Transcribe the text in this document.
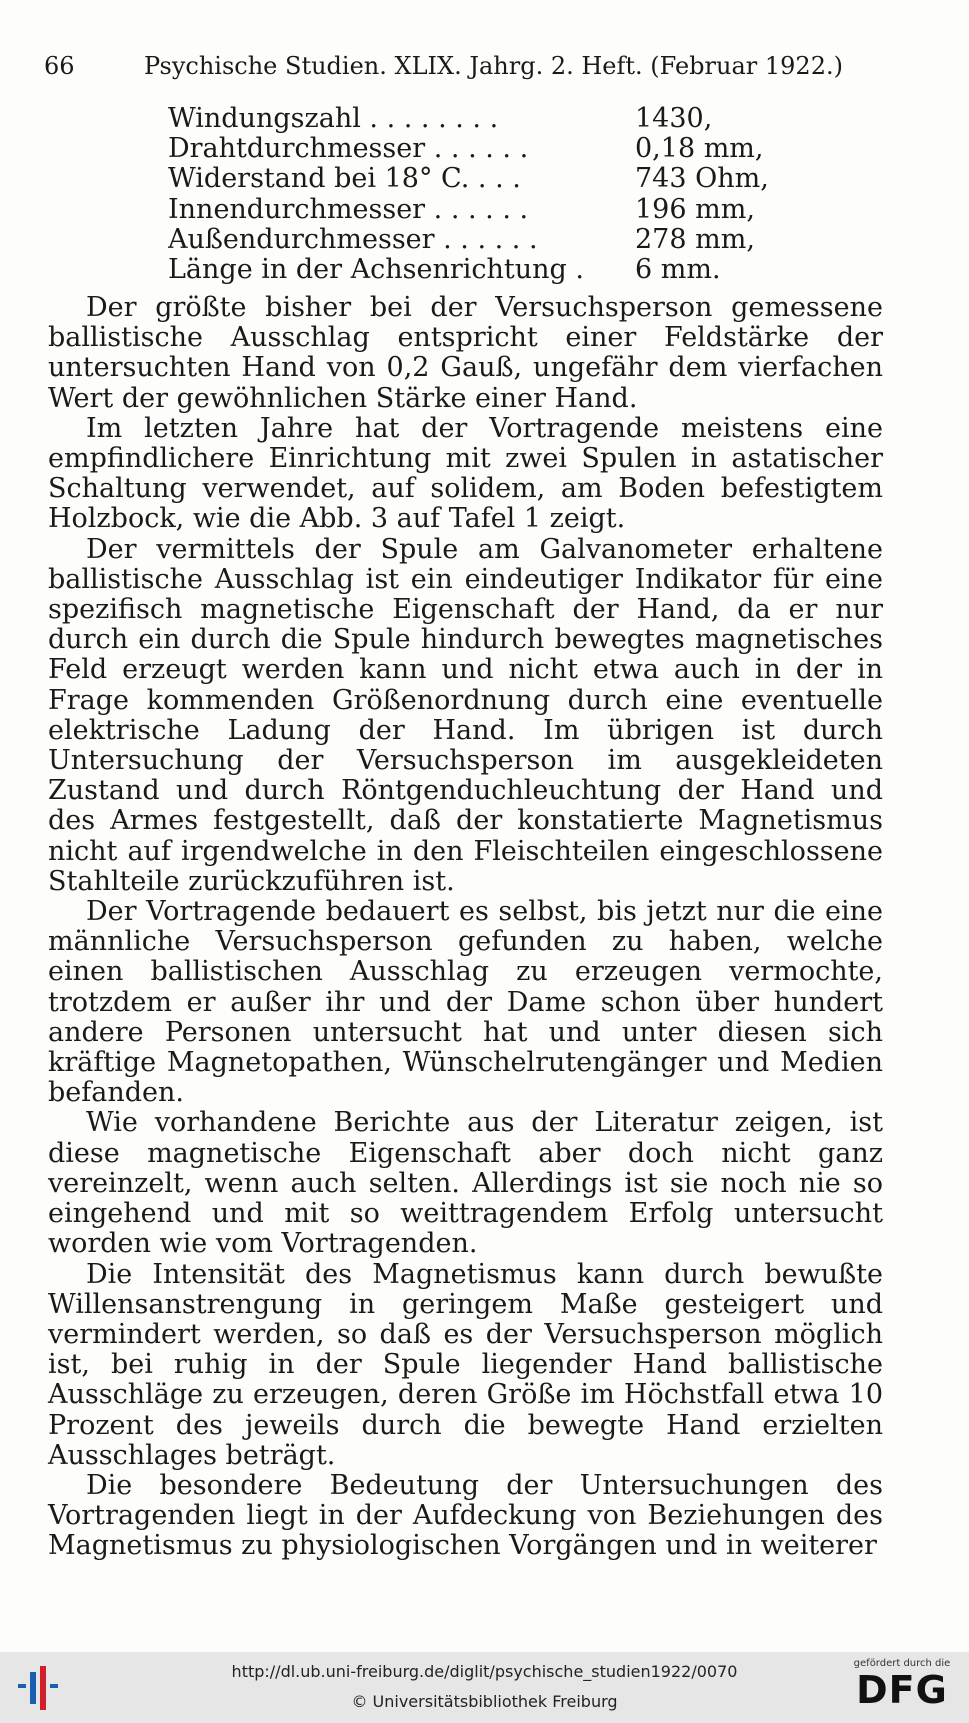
66	Psychische Studien. XLIX. Jahrg. 2. Heft. (Februar 1922.)
Windungszahl . . . . . . . .	1430,
Drahtdurchmesser . . . . . .	0,18 mm,
Widerstand bei 18° C. . . .	743 Ohm,
Innendurchmesser . . . . . .	196 mm,
Außendurchmesser . . . . . .	278 mm,
Länge in der Achsenrichtung .	6 mm.

Der größte bisher bei der Versuchsperson gemessene ballistische Ausschlag entspricht einer Feldstärke der untersuchten Hand von 0,2 Gauß, ungefähr dem vierfachen Wert der gewöhnlichen Stärke einer Hand.

Im letzten Jahre hat der Vortragende meistens eine empfindlichere Einrichtung mit zwei Spulen in astatischer Schaltung verwendet, auf solidem, am Boden befestigtem Holzbock, wie die Abb. 3 auf Tafel 1 zeigt.

Der vermittels der Spule am Galvanometer erhaltene ballistische Ausschlag ist ein eindeutiger Indikator für eine spezifisch magnetische Eigenschaft der Hand, da er nur durch ein durch die Spule hindurch bewegtes magnetisches Feld erzeugt werden kann und nicht etwa auch in der in Frage kommenden Größenordnung durch eine eventuelle elektrische Ladung der Hand. Im übrigen ist durch Untersuchung der Versuchsperson im ausgekleideten Zustand und durch Röntgenduchleuchtung der Hand und des Armes festgestellt, daß der konstatierte Magnetismus nicht auf irgendwelche in den Fleischteilen eingeschlossene Stahlteile zurückzuführen ist.

Der Vortragende bedauert es selbst, bis jetzt nur die eine männliche Versuchsperson gefunden zu haben, welche einen ballistischen Ausschlag zu erzeugen vermochte, trotzdem er außer ihr und der Dame schon über hundert andere Personen untersucht hat und unter diesen sich kräftige Magnetopathen, Wünschelrutengänger und Medien befanden.

Wie vorhandene Berichte aus der Literatur zeigen, ist diese magnetische Eigenschaft aber doch nicht ganz vereinzelt, wenn auch selten. Allerdings ist sie noch nie so eingehend und mit so weittragendem Erfolg untersucht worden wie vom Vortragenden.

Die Intensität des Magnetismus kann durch bewußte Willensanstrengung in geringem Maße gesteigert und vermindert werden, so daß es der Versuchsperson möglich ist, bei ruhig in der Spule liegender Hand ballistische Ausschläge zu erzeugen, deren Größe im Höchstfall etwa 10 Prozent des jeweils durch die bewegte Hand erzielten Ausschlages beträgt.

Die besondere Bedeutung der Untersuchungen des Vortragenden liegt in der Aufdeckung von Beziehungen des Magnetismus zu physiologischen Vorgängen und in weiterer

http://dl.ub.uni-freiburg.de/diglit/psychische_studien1922/0070
© Universitätsbibliothek Freiburg
gefördert durch die
DFG
